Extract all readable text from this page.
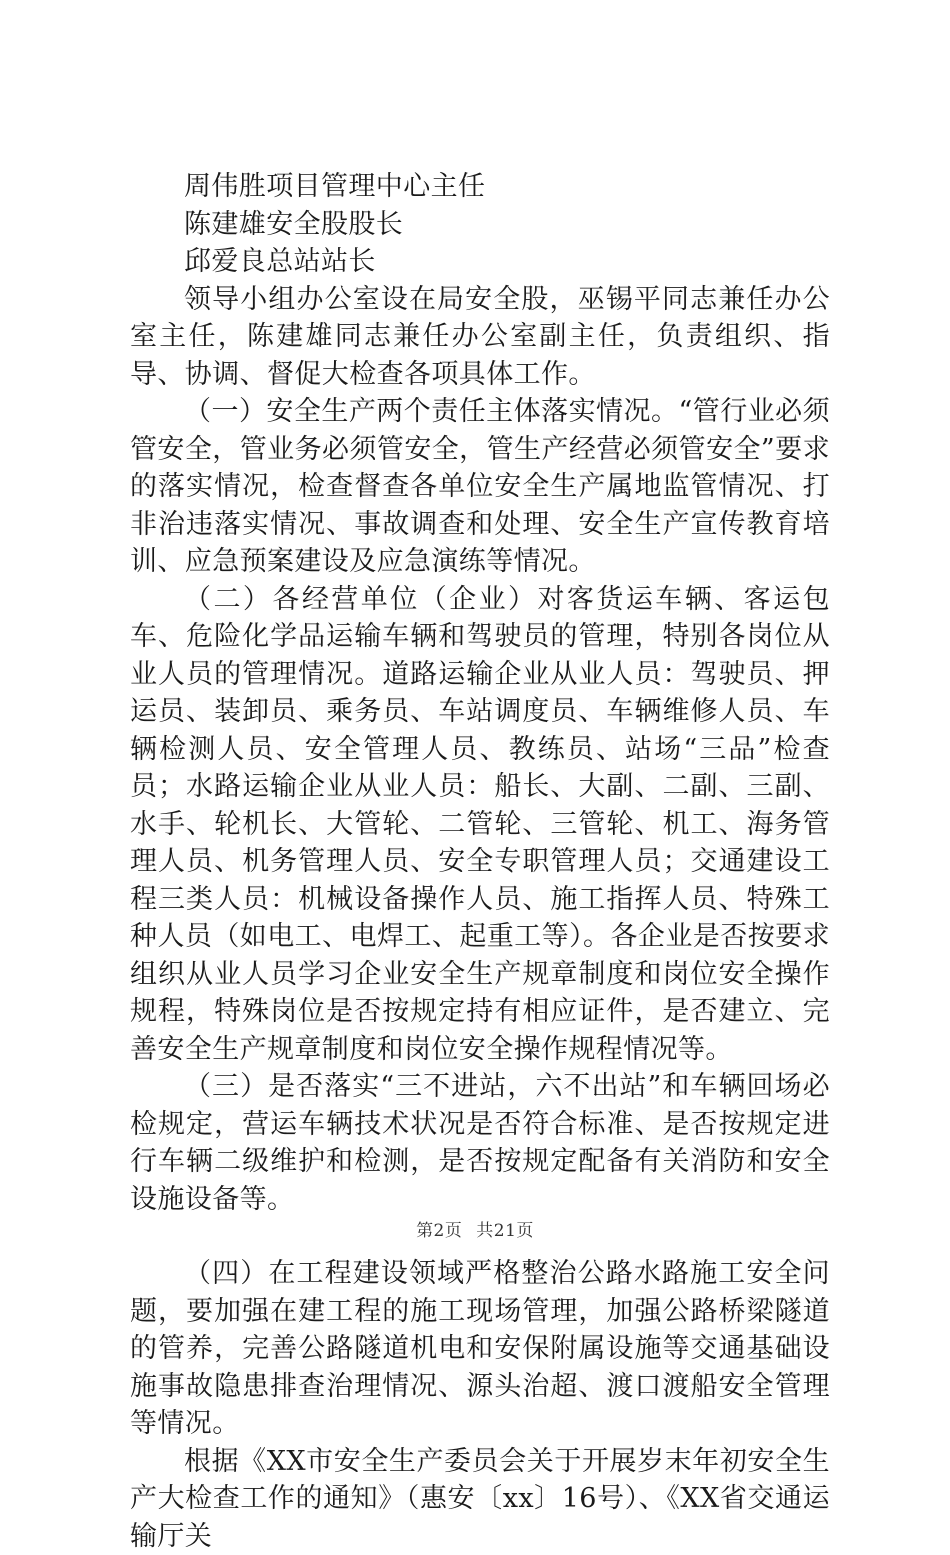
周伟胜项目管理中心主任

陈建雄安全股股长

邱爱良总站站长

领导小组办公室设在局安全股，巫锡平同志兼任办公室主任，陈建雄同志兼任办公室副主任，负责组织、指导、协调、督促大检查各项具体工作。

（一）安全生产两个责任主体落实情况。“管行业必须管安全，管业务必须管安全，管生产经营必须管安全”要求的落实情况，检查督查各单位安全生产属地监管情况、打非治违落实情况、事故调查和处理、安全生产宣传教育培训、应急预案建设及应急演练等情况。

（二）各经营单位（企业）对客货运车辆、客运包车、危险化学品运输车辆和驾驶员的管理，特别各岗位从业人员的管理情况。道路运输企业从业人员：驾驶员、押运员、装卸员、乘务员、车站调度员、车辆维修人员、车辆检测人员、安全管理人员、教练员、站场“三品”检查员；水路运输企业从业人员：船长、大副、二副、三副、水手、轮机长、大管轮、二管轮、三管轮、机工、海务管理人员、机务管理人员、安全专职管理人员；交通建设工程三类人员：机械设备操作人员、施工指挥人员、特殊工种人员（如电工、电焊工、起重工等）。各企业是否按要求组织从业人员学习企业安全生产规章制度和岗位安全操作规程，特殊岗位是否按规定持有相应证件，是否建立、完善安全生产规章制度和岗位安全操作规程情况等。

（三）是否落实“三不进站，六不出站”和车辆回场必检规定，营运车辆技术状况是否符合标准、是否按规定进行车辆二级维护和检测，是否按规定配备有关消防和安全设施设备等。

（四）在工程建设领域严格整治公路水路施工安全问题，要加强在建工程的施工现场管理，加强公路桥梁隧道的管养，完善公路隧道机电和安保附属设施等交通基础设施事故隐患排查治理情况、源头治超、渡口渡船安全管理等情况。

根据《XX市安全生产委员会关于开展岁末年初安全生产大检查工作的通知》（惠安〔xx〕16号）、《XX省交通运输厅关

第2页 共21页
